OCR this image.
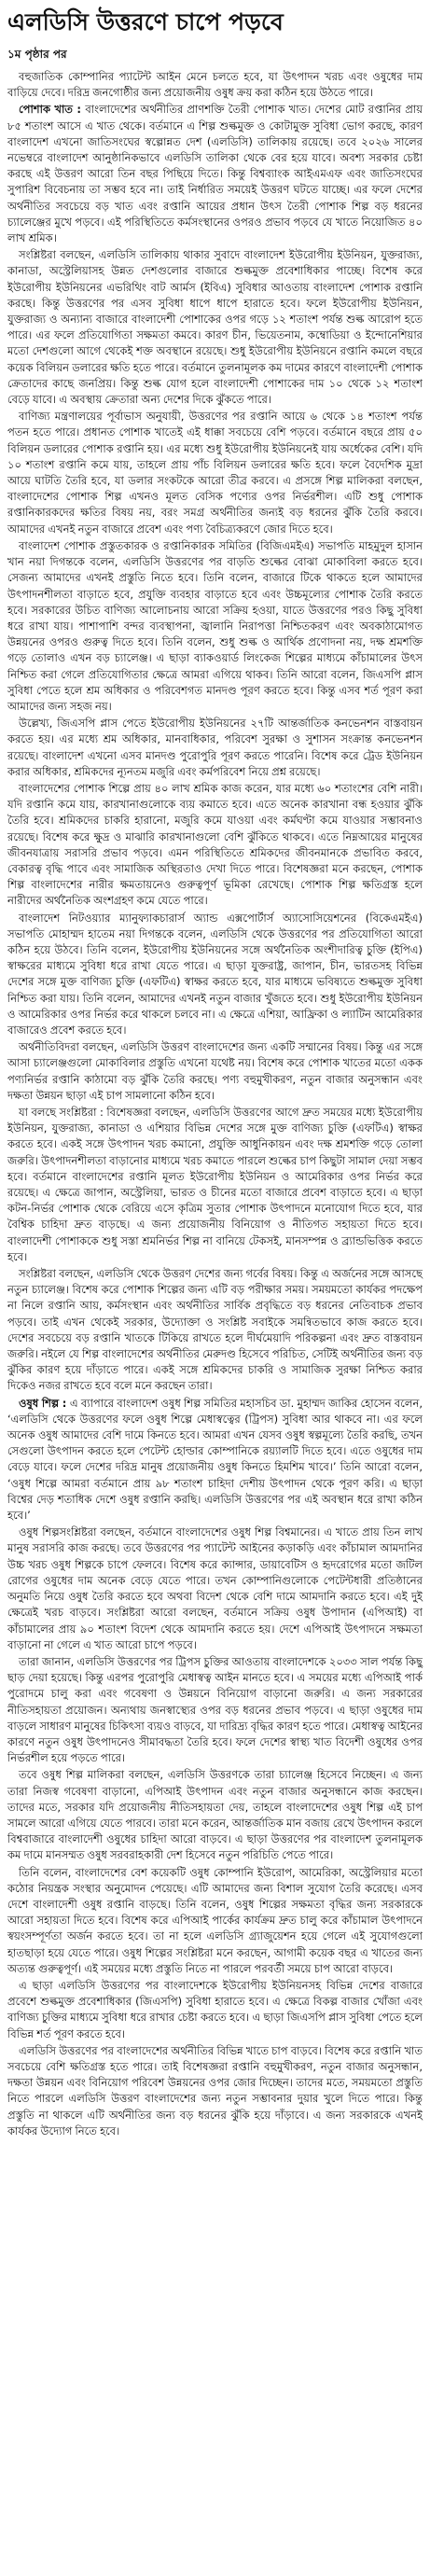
এলডিসি উত্তরণে চাপে পড়বে
১ম পৃষ্ঠার পর

বহুজাতিক কোম্পানির প্যাটেন্ট আইন মেনে চলতে হবে, যা উৎপাদন খরচ এবং ওষুধের দাম বাড়িয়ে দেবে। দরিদ্র জনগোষ্ঠীর জন্য প্রয়োজনীয় ওষুধ ক্রয় করা কঠিন হয়ে উঠতে পারে।

পোশাক খাত : বাংলাদেশের অর্থনীতির প্রাণশক্তি তৈরী পোশাক খাত। দেশের মোট রপ্তানির প্রায় ৮৫ শতাংশ আসে এ খাত থেকে। বর্তমানে এ শিল্প শুল্কমুক্ত ও কোটামুক্ত সুবিধা ভোগ করছে, কারণ বাংলাদেশ এখনো জাতিসংঘের স্বল্পোন্নত দেশ (এলডিসি) তালিকায় রয়েছে। তবে ২০২৬ সালের নভেম্বরে বাংলাদেশ আনুষ্ঠানিকভাবে এলডিসি তালিকা থেকে বের হয়ে যাবে। অবশ্য সরকার চেষ্টা করছে এই উত্তরণ আরো তিন বছর পিছিয়ে দিতে। কিন্তু বিশ্বব্যাংক আইএমএফ এবং জাতিসংঘের সুপারিশ বিবেচনায় তা সম্ভব হবে না। তাই নির্ধারিত সময়েই উত্তরণ ঘটতে যাচ্ছে। এর ফলে দেশের অর্থনীতির সবচেয়ে বড় খাত এবং রপ্তানি আয়ের প্রধান উৎস তৈরী পোশাক শিল্প বড় ধরনের চ্যালেঞ্জের মুখে পড়বে। এই পরিস্থিতিতে কর্মসংস্থানের ওপরও প্রভাব পড়বে যে খাতে নিয়োজিত ৪০ লাখ শ্রমিক।

সংশ্লিষ্টরা বলছেন, এলডিসি তালিকায় থাকার সুবাদে বাংলাদেশ ইউরোপীয় ইউনিয়ন, যুক্তরাজ্য, কানাডা, অস্ট্রেলিয়াসহ উন্নত দেশগুলোর বাজারে শুল্কমুক্ত প্রবেশাধিকার পাচ্ছে। বিশেষ করে ইউরোপীয় ইউনিয়নের এভরিথিং বাট আর্মস (ইবিএ) সুবিধার আওতায় বাংলাদেশ পোশাক রপ্তানি করছে। কিন্তু উত্তরণের পর এসব সুবিধা ধাপে ধাপে হারাতে হবে। ফলে ইউরোপীয় ইউনিয়ন, যুক্তরাজ্য ও অন্যান্য বাজারে বাংলাদেশী পোশাকের ওপর গড়ে ১২ শতাংশ পর্যন্ত শুল্ক আরোপ হতে পারে। এর ফলে প্রতিযোগিতা সক্ষমতা কমবে। কারণ চীন, ভিয়েতনাম, কম্বোডিয়া ও ইন্দোনেশিয়ার মতো দেশগুলো আগে থেকেই শক্ত অবস্থানে রয়েছে। শুধু ইউরোপীয় ইউনিয়নে রপ্তানি কমলে বছরে কয়েক বিলিয়ন ডলারের ক্ষতি হতে পারে। বর্তমানে তুলনামূলক কম দামের কারণে বাংলাদেশী পোশাক ক্রেতাদের কাছে জনপ্রিয়। কিন্তু শুল্ক যোগ হলে বাংলাদেশী পোশাকের দাম ১০ থেকে ১২ শতাংশ বেড়ে যাবে। এ অবস্থায় ক্রেতারা অন্য দেশের দিকে ঝুঁকতে পারে।

বাণিজ্য মন্ত্রণালয়ের পূর্বাভাস অনুযায়ী, উত্তরণের পর রপ্তানি আয়ে ৬ থেকে ১৪ শতাংশ পর্যন্ত পতন হতে পারে। প্রধানত পোশাক খাতেই এই ধাক্কা সবচেয়ে বেশি পড়বে। বর্তমানে বছরে প্রায় ৫০ বিলিয়ন ডলারের পোশাক রপ্তানি হয়। এর মধ্যে শুধু ইউরোপীয় ইউনিয়নেই যায় অর্ধেকের বেশি। যদি ১০ শতাংশ রপ্তানি কমে যায়, তাহলে প্রায় পাঁচ বিলিয়ন ডলারের ক্ষতি হবে। ফলে বৈদেশিক মুদ্রা আয়ে ঘাটতি তৈরি হবে, যা ডলার সংকটকে আরো তীব্র করবে। এ প্রসঙ্গে শিল্প মালিকরা বলছেন, বাংলাদেশের পোশাক শিল্প এখনও মূলত বেসিক পণ্যের ওপর নির্ভরশীল। এটি শুধু পোশাক রপ্তানিকারকদের ক্ষতির বিষয় নয়, বরং সমগ্র অর্থনীতির জন্যই বড় ধরনের ঝুঁকি তৈরি করবে। আমাদের এখনই নতুন বাজারে প্রবেশ এবং পণ্য বৈচিত্র্যকরণে জোর দিতে হবে।

বাংলাদেশ পোশাক প্রস্তুতকারক ও রপ্তানিকারক সমিতির (বিজিএমইএ) সভাপতি মাহমুদুল হাসান খান নয়া দিগন্তকে বলেন, এলডিসি উত্তরণের পর বাড়তি শুল্কের বোঝা মোকাবিলা করতে হবে। সেজন্য আমাদের এখনই প্রস্তুতি নিতে হবে। তিনি বলেন, বাজারে টিকে থাকতে হলে আমাদের উৎপাদনশীলতা বাড়াতে হবে, প্রযুক্তি ব্যবহার বাড়াতে হবে এবং উচ্চমূল্যের পোশাক তৈরি করতে হবে। সরকারের উচিত বাণিজ্য আলোচনায় আরো সক্রিয় হওয়া, যাতে উত্তরণের পরও কিছু সুবিধা ধরে রাখা যায়। পাশাপাশি বন্দর ব্যবস্থাপনা, জ্বালানি নিরাপত্তা নিশ্চিতকরণ এবং অবকাঠামোগত উন্নয়নের ওপরও গুরুত্ব দিতে হবে। তিনি বলেন, শুধু শুল্ক ও আর্থিক প্রণোদনা নয়, দক্ষ শ্রমশক্তি গড়ে তোলাও এখন বড় চ্যালেঞ্জ। এ ছাড়া ব্যাকওয়ার্ড লিংকেজ শিল্পের মাধ্যমে কাঁচামালের উৎস নিশ্চিত করা গেলে প্রতিযোগিতার ক্ষেত্রে আমরা এগিয়ে থাকব। তিনি আরো বলেন, জিএসপি প্লাস সুবিধা পেতে হলে শ্রম অধিকার ও পরিবেশগত মানদণ্ড পূরণ করতে হবে। কিন্তু এসব শর্ত পূরণ করা আমাদের জন্য সহজ নয়।

উল্লেখ্য, জিএসপি প্লাস পেতে ইউরোপীয় ইউনিয়নের ২৭টি আন্তর্জাতিক কনভেনশন বাস্তবায়ন করতে হয়। এর মধ্যে শ্রম অধিকার, মানবাধিকার, পরিবেশ সুরক্ষা ও সুশাসন সংক্রান্ত কনভেনশন রয়েছে। বাংলাদেশ এখনো এসব মানদণ্ড পুরোপুরি পূরণ করতে পারেনি। বিশেষ করে ট্রেড ইউনিয়ন করার অধিকার, শ্রমিকদের ন্যূনতম মজুরি এবং কর্মপরিবেশ নিয়ে প্রশ্ন রয়েছে।

বাংলাদেশের পোশাক শিল্পে প্রায় ৪০ লাখ শ্রমিক কাজ করেন, যার মধ্যে ৬০ শতাংশের বেশি নারী। যদি রপ্তানি কমে যায়, কারখানাগুলোকে ব্যয় কমাতে হবে। এতে অনেক কারখানা বন্ধ হওয়ার ঝুঁকি তৈরি হবে। শ্রমিকদের চাকরি হারানো, মজুরি কমে যাওয়া এবং কর্মঘণ্টা কমে যাওয়ার সম্ভাবনাও রয়েছে। বিশেষ করে ক্ষুদ্র ও মাঝারি কারখানাগুলো বেশি ঝুঁকিতে থাকবে। এতে নিম্নআয়ের মানুষের জীবনযাত্রায় সরাসরি প্রভাব পড়বে। এমন পরিস্থিতিতে শ্রমিকদের জীবনমানকে প্রভাবিত করবে, বেকারত্ব বৃদ্ধি পাবে এবং সামাজিক অস্থিরতাও দেখা দিতে পারে। বিশেষজ্ঞরা মনে করছেন, পোশাক শিল্প বাংলাদেশের নারীর ক্ষমতায়নেও গুরুত্বপূর্ণ ভূমিকা রেখেছে। পোশাক শিল্প ক্ষতিগ্রস্ত হলে নারীদের অর্থনৈতিক অংশগ্রহণ কমে যেতে পারে।

বাংলাদেশ নিটওয়্যার ম্যানুফ্যাকচারার্স অ্যান্ড এক্সপোর্টার্স অ্যাসোসিয়েশনের (বিকেএমইএ) সভাপতি মোহাম্মদ হাতেম নয়া দিগন্তকে বলেন, এলডিসি থেকে উত্তরণের পর প্রতিযোগিতা আরো কঠিন হয়ে উঠবে। তিনি বলেন, ইউরোপীয় ইউনিয়নের সঙ্গে অর্থনৈতিক অংশীদারিত্ব চুক্তি (ইপিএ) স্বাক্ষরের মাধ্যমে সুবিধা ধরে রাখা যেতে পারে। এ ছাড়া যুক্তরাষ্ট্র, জাপান, চীন, ভারতসহ বিভিন্ন দেশের সঙ্গে মুক্ত বাণিজ্য চুক্তি (এফটিএ) স্বাক্ষর করতে হবে, যার মাধ্যমে ভবিষ্যতে শুল্কমুক্ত সুবিধা নিশ্চিত করা যায়। তিনি বলেন, আমাদের এখনই নতুন বাজার খুঁজতে হবে। শুধু ইউরোপীয় ইউনিয়ন ও আমেরিকার ওপর নির্ভর করে থাকলে চলবে না। এ ক্ষেত্রে এশিয়া, আফ্রিকা ও ল্যাটিন আমেরিকার বাজারেও প্রবেশ করতে হবে।

অর্থনীতিবিদরা বলছেন, এলডিসি উত্তরণ বাংলাদেশের জন্য একটি সম্মানের বিষয়। কিন্তু এর সঙ্গে আসা চ্যালেঞ্জগুলো মোকাবিলার প্রস্তুতি এখনো যথেষ্ট নয়। বিশেষ করে পোশাক খাতের মতো একক পণ্যনির্ভর রপ্তানি কাঠামো বড় ঝুঁকি তৈরি করছে। পণ্য বহুমুখীকরণ, নতুন বাজার অনুসন্ধান এবং দক্ষতা উন্নয়ন ছাড়া এই চাপ সামলানো কঠিন হবে।

যা বলছে সংশ্লিষ্টরা : বিশেষজ্ঞরা বলছেন, এলডিসি উত্তরণের আগে দ্রুত সময়ের মধ্যে ইউরোপীয় ইউনিয়ন, যুক্তরাজ্য, কানাডা ও এশিয়ার বিভিন্ন দেশের সঙ্গে মুক্ত বাণিজ্য চুক্তি (এফটিএ) স্বাক্ষর করতে হবে। একই সঙ্গে উৎপাদন খরচ কমানো, প্রযুক্তি আধুনিকায়ন এবং দক্ষ শ্রমশক্তি গড়ে তোলা জরুরি। উৎপাদনশীলতা বাড়ানোর মাধ্যমে খরচ কমাতে পারলে শুল্কের চাপ কিছুটা সামাল দেয়া সম্ভব হবে। বর্তমানে বাংলাদেশের রপ্তানি মূলত ইউরোপীয় ইউনিয়ন ও আমেরিকার ওপর নির্ভর করে রয়েছে। এ ক্ষেত্রে জাপান, অস্ট্রেলিয়া, ভারত ও চীনের মতো বাজারে প্রবেশ বাড়াতে হবে। এ ছাড়া কটন-নির্ভর পোশাক থেকে বেরিয়ে এসে কৃত্রিম সুতার পোশাক উৎপাদনে মনোযোগ দিতে হবে, যার বৈশ্বিক চাহিদা দ্রুত বাড়ছে। এ জন্য প্রয়োজনীয় বিনিয়োগ ও নীতিগত সহায়তা দিতে হবে। বাংলাদেশী পোশাককে শুধু সস্তা শ্রমনির্ভর শিল্প না বানিয়ে টেকসই, মানসম্পন্ন ও ব্র্যান্ডভিত্তিক করতে হবে।

সংশ্লিষ্টরা বলছেন, এলডিসি থেকে উত্তরণ দেশের জন্য গর্বের বিষয়। কিন্তু এ অর্জনের সঙ্গে আসছে নতুন চ্যালেঞ্জ। বিশেষ করে পোশাক শিল্পের জন্য এটি বড় পরীক্ষার সময়। সময়মতো কার্যকর পদক্ষেপ না নিলে রপ্তানি আয়, কর্মসংস্থান এবং অর্থনীতির সার্বিক প্রবৃদ্ধিতে বড় ধরনের নেতিবাচক প্রভাব পড়বে। তাই এখন থেকেই সরকার, উদ্যোক্তা ও সংশ্লিষ্ট সবাইকে সমন্বিতভাবে কাজ করতে হবে। দেশের সবচেয়ে বড় রপ্তানি খাতকে টিকিয়ে রাখতে হলে দীর্ঘমেয়াদি পরিকল্পনা এবং দ্রুত বাস্তবায়ন জরুরি। নইলে যে শিল্প বাংলাদেশের অর্থনীতির মেরুদণ্ড হিসেবে পরিচিত, সেটিই অর্থনীতির জন্য বড় ঝুঁকির কারণ হয়ে দাঁড়াতে পারে। একই সঙ্গে শ্রমিকদের চাকরি ও সামাজিক সুরক্ষা নিশ্চিত করার দিকেও নজর রাখতে হবে বলে মনে করছেন তারা।

ওষুধ শিল্প : এ ব্যাপারে বাংলাদেশ ওষুধ শিল্প সমিতির মহাসচিব ডা. মুহাম্মদ জাকির হোসেন বলেন, ‘এলডিসি থেকে উত্তরণের ফলে ওষুধ শিল্পে মেধাস্বত্বের (ট্রিপস) সুবিধা আর থাকবে না। এর ফলে অনেক ওষুধ আমাদের বেশি দামে কিনতে হবে। আমরা এখন যেসব ওষুধ স্বল্পমূল্যে তৈরি করছি, তখন সেগুলো উৎপাদন করতে হলে পেটেন্ট হোল্ডার কোম্পানিকে রয়্যালটি দিতে হবে। এতে ওষুধের দাম বেড়ে যাবে। ফলে দেশের দরিদ্র মানুষ প্রয়োজনীয় ওষুধ কিনতে হিমশিম খাবে।’ তিনি আরো বলেন, ‘ওষুধ শিল্পে আমরা বর্তমানে প্রায় ৯৮ শতাংশ চাহিদা দেশীয় উৎপাদন থেকে পূরণ করি। এ ছাড়া বিশ্বের দেড় শতাধিক দেশে ওষুধ রপ্তানি করছি। এলডিসি উত্তরণের পর এই অবস্থান ধরে রাখা কঠিন হবে।’

ওষুধ শিল্পসংশ্লিষ্টরা বলছেন, বর্তমানে বাংলাদেশের ওষুধ শিল্প বিশ্বমানের। এ খাতে প্রায় তিন লাখ মানুষ সরাসরি কাজ করছে। তবে উত্তরণের পর প্যাটেন্ট আইনের কড়াকড়ি এবং কাঁচামাল আমদানির উচ্চ খরচ ওষুধ শিল্পকে চাপে ফেলবে। বিশেষ করে ক্যান্সার, ডায়াবেটিস ও হৃদরোগের মতো জটিল রোগের ওষুধের দাম অনেক বেড়ে যেতে পারে। তখন কোম্পানিগুলোকে পেটেন্টধারী প্রতিষ্ঠানের অনুমতি নিয়ে ওষুধ তৈরি করতে হবে অথবা বিদেশ থেকে বেশি দামে আমদানি করতে হবে। এই দুই ক্ষেত্রেই খরচ বাড়বে। সংশ্লিষ্টরা আরো বলছেন, বর্তমানে সক্রিয় ওষুধ উপাদান (এপিআই) বা কাঁচামালের প্রায় ৯০ শতাংশ বিদেশ থেকে আমদানি করতে হয়। দেশে এপিআই উৎপাদনে সক্ষমতা বাড়ানো না গেলে এ খাত আরো চাপে পড়বে।

তারা জানান, এলডিসি উত্তরণের পর ট্রিপস চুক্তির আওতায় বাংলাদেশকে ২০৩৩ সাল পর্যন্ত কিছু ছাড় দেয়া হয়েছে। কিন্তু এরপর পুরোপুরি মেধাস্বত্ব আইন মানতে হবে। এ সময়ের মধ্যে এপিআই পার্ক পুরোদমে চালু করা এবং গবেষণা ও উন্নয়নে বিনিয়োগ বাড়ানো জরুরি। এ জন্য সরকারের নীতিসহায়তা প্রয়োজন। অন্যথায় জনস্বাস্থ্যের ওপর বড় ধরনের প্রভাব পড়বে। এ ছাড়া ওষুধের দাম বাড়লে সাধারণ মানুষের চিকিৎসা ব্যয়ও বাড়বে, যা দারিদ্র্য বৃদ্ধির কারণ হতে পারে। মেধাস্বত্ব আইনের কারণে নতুন ওষুধ উৎপাদনেও সীমাবদ্ধতা তৈরি হবে। ফলে দেশের স্বাস্থ্য খাত বিদেশী ওষুধের ওপর নির্ভরশীল হয়ে পড়তে পারে।

তবে ওষুধ শিল্প মালিকরা বলছেন, এলডিসি উত্তরণকে তারা চ্যালেঞ্জ হিসেবে নিচ্ছেন। এ জন্য তারা নিজস্ব গবেষণা বাড়ানো, এপিআই উৎপাদন এবং নতুন বাজার অনুসন্ধানে কাজ করছেন। তাদের মতে, সরকার যদি প্রয়োজনীয় নীতিসহায়তা দেয়, তাহলে বাংলাদেশের ওষুধ শিল্প এই চাপ সামলে আরো এগিয়ে যেতে পারবে। তারা মনে করেন, আন্তর্জাতিক মান বজায় রেখে উৎপাদন করলে বিশ্ববাজারে বাংলাদেশী ওষুধের চাহিদা আরো বাড়বে। এ ছাড়া উত্তরণের পর বাংলাদেশ তুলনামূলক কম দামে মানসম্মত ওষুধ সরবরাহকারী দেশ হিসেবে নতুন পরিচিতি পেতে পারে।

তিনি বলেন, বাংলাদেশের বেশ কয়েকটি ওষুধ কোম্পানি ইউরোপ, আমেরিকা, অস্ট্রেলিয়ার মতো কঠোর নিয়ন্ত্রক সংস্থার অনুমোদন পেয়েছে। এটি আমাদের জন্য বিশাল সুযোগ তৈরি করেছে। এসব দেশে বাংলাদেশী ওষুধ রপ্তানি বাড়ছে। তিনি বলেন, ওষুধ শিল্পের সক্ষমতা বৃদ্ধির জন্য সরকারকে আরো সহায়তা দিতে হবে। বিশেষ করে এপিআই পার্কের কার্যক্রম দ্রুত চালু করে কাঁচামাল উৎপাদনে স্বয়ংসম্পূর্ণতা অর্জন করতে হবে। তা না হলে এলডিসি গ্র্যাজুয়েশন হয়ে গেলে এই সুযোগগুলো হাতছাড়া হয়ে যেতে পারে। ওষুধ শিল্পের সংশ্লিষ্টরা মনে করছেন, আগামী কয়েক বছর এ খাতের জন্য অত্যন্ত গুরুত্বপূর্ণ। এই সময়ের মধ্যে প্রস্তুতি নিতে না পারলে পরবর্তী সময়ে চাপ আরো বাড়বে।

এ ছাড়া এলডিসি উত্তরণের পর বাংলাদেশকে ইউরোপীয় ইউনিয়নসহ বিভিন্ন দেশের বাজারে প্রবেশে শুল্কমুক্ত প্রবেশাধিকার (জিএসপি) সুবিধা হারাতে হবে। এ ক্ষেত্রে বিকল্প বাজার খোঁজা এবং বাণিজ্য চুক্তির মাধ্যমে সুবিধা ধরে রাখার চেষ্টা করতে হবে। এ ছাড়া জিএসপি প্লাস সুবিধা পেতে হলে বিভিন্ন শর্ত পূরণ করতে হবে।

এলডিসি উত্তরণের পর বাংলাদেশের অর্থনীতির বিভিন্ন খাতে চাপ বাড়বে। বিশেষ করে রপ্তানি খাত সবচেয়ে বেশি ক্ষতিগ্রস্ত হতে পারে। তাই বিশেষজ্ঞরা রপ্তানি বহুমুখীকরণ, নতুন বাজার অনুসন্ধান, দক্ষতা উন্নয়ন এবং বিনিয়োগ পরিবেশ উন্নয়নের ওপর জোর দিচ্ছেন। তাদের মতে, সময়মতো প্রস্তুতি নিতে পারলে এলডিসি উত্তরণ বাংলাদেশের জন্য নতুন সম্ভাবনার দুয়ার খুলে দিতে পারে। কিন্তু প্রস্তুতি না থাকলে এটি অর্থনীতির জন্য বড় ধরনের ঝুঁকি হয়ে দাঁড়াবে। এ জন্য সরকারকে এখনই কার্যকর উদ্যোগ নিতে হবে।
